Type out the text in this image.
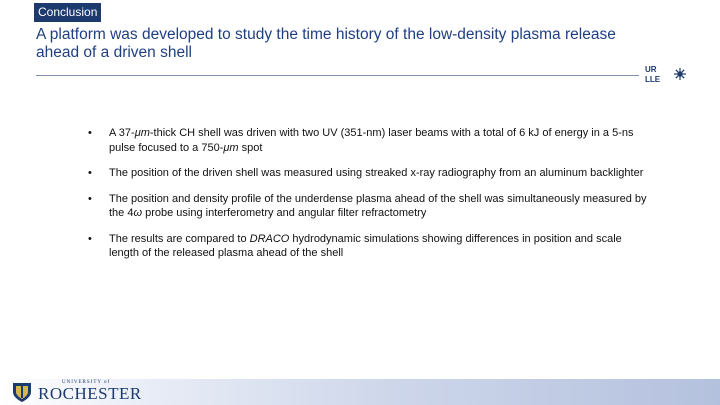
Conclusion
A platform was developed to study the time history of the low-density plasma release ahead of a driven shell
UR
LLE
• A 37-μm-thick CH shell was driven with two UV (351-nm) laser beams with a total of 6 kJ of energy in a 5-ns pulse focused to a 750-μm spot
• The position of the driven shell was measured using streaked x-ray radiography from an aluminum backlighter
• The position and density profile of the underdense plasma ahead of the shell was simultaneously measured by the 4ω probe using interferometry and angular filter refractometry
• The results are compared to DRACO hydrodynamic simulations showing differences in position and scale length of the released plasma ahead of the shell
UNIVERSITY of
ROCHESTER
